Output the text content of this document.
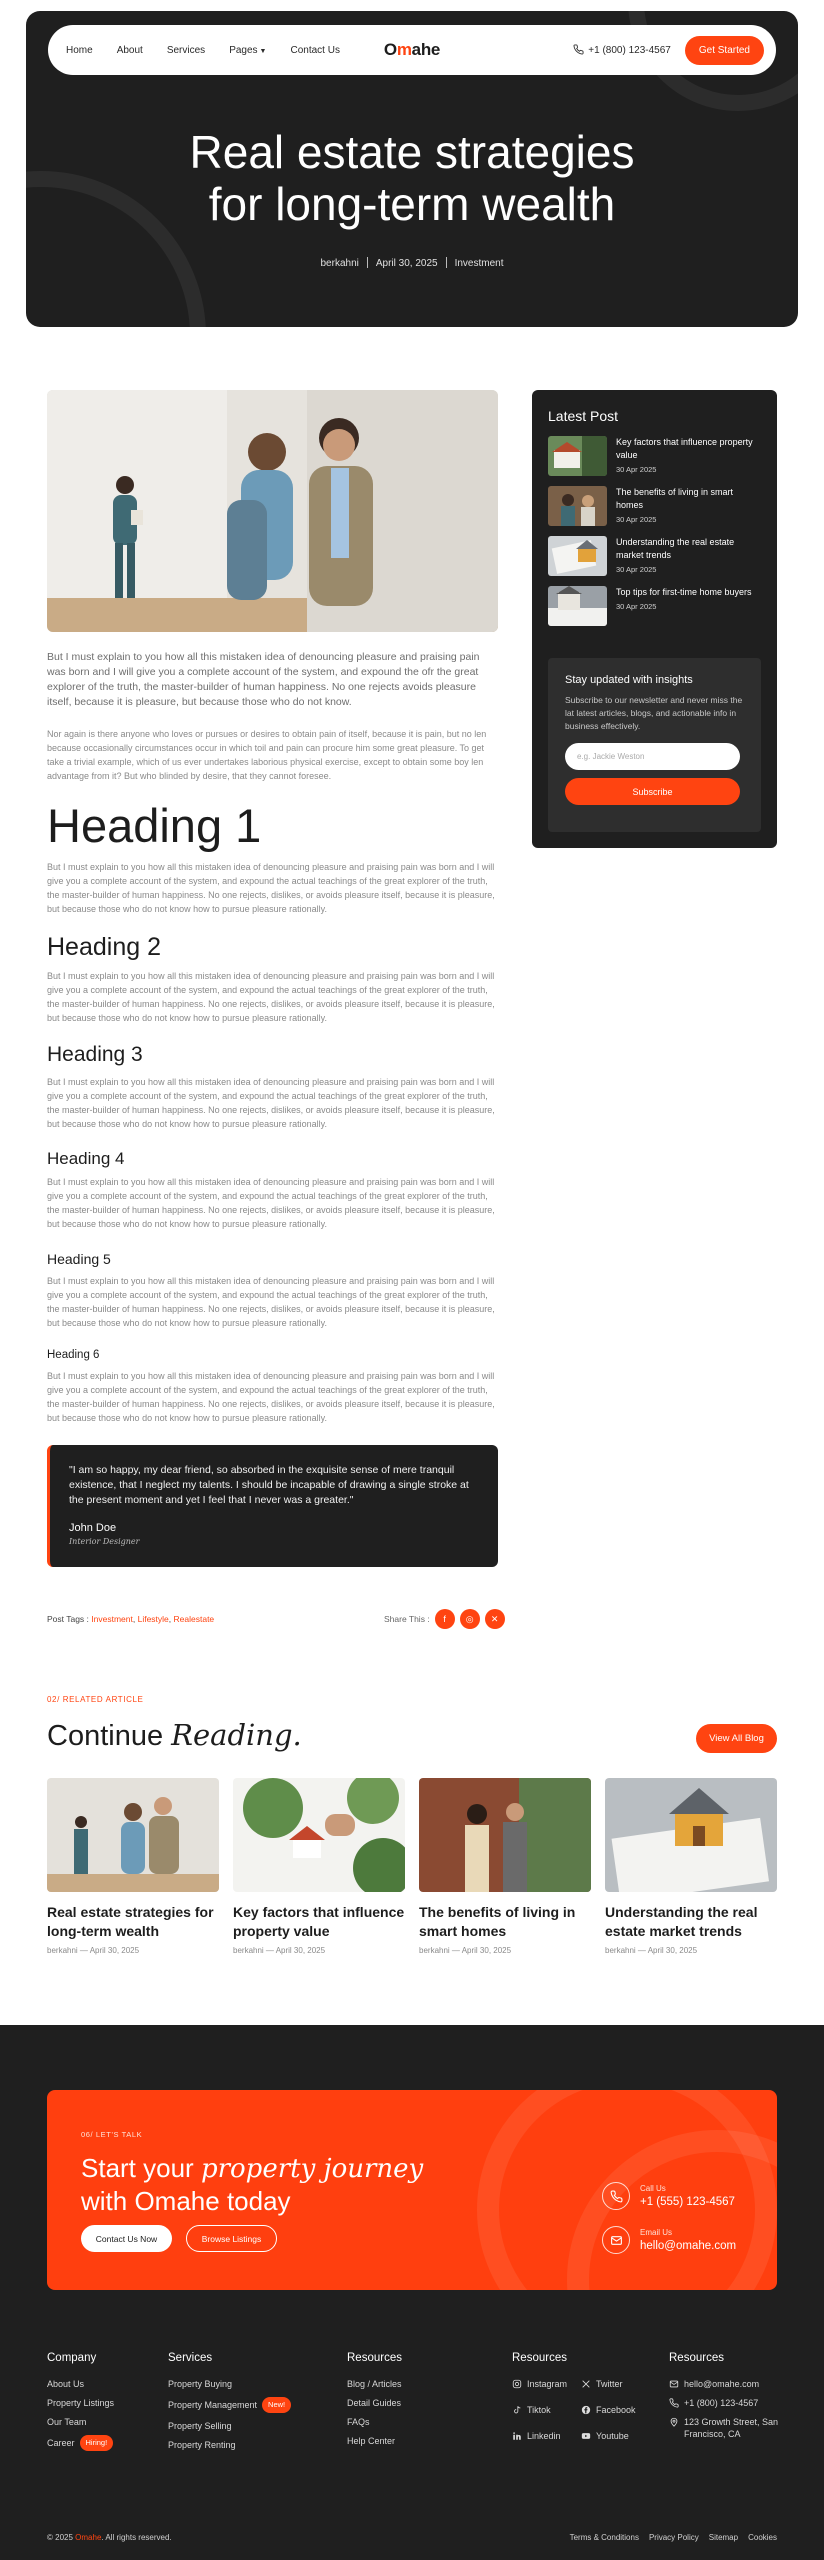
Home About Services Pages ▼ Contact Us	Omahe	+1 (800) 123-4567	Get Started
Real estate strategies
for long-term wealth
berkahni April 30, 2025 Investment

But I must explain to you how all this mistaken idea of denouncing pleasure and praising pain was born and I will give you a complete account of the system, and expound the ofr the great explorer of the truth, the master-builder of human happiness. No one rejects avoids pleasure itself, because it is pleasure, but because those who do not know.

Nor again is there anyone who loves or pursues or desires to obtain pain of itself, because it is pain, but no len because occasionally circumstances occur in which toil and pain can procure him some great pleasure. To get take a trivial example, which of us ever undertakes laborious physical exercise, except to obtain some boy len advantage from it? But who blinded by desire, that they cannot foresee.

Heading 1

But I must explain to you how all this mistaken idea of denouncing pleasure and praising pain was born and I will give you a complete account of the system, and expound the actual teachings of the great explorer of the truth, the master-builder of human happiness. No one rejects, dislikes, or avoids pleasure itself, because it is pleasure, but because those who do not know how to pursue pleasure rationally.

Heading 2

But I must explain to you how all this mistaken idea of denouncing pleasure and praising pain was born and I will give you a complete account of the system, and expound the actual teachings of the great explorer of the truth, the master-builder of human happiness. No one rejects, dislikes, or avoids pleasure itself, because it is pleasure, but because those who do not know how to pursue pleasure rationally.

Heading 3

But I must explain to you how all this mistaken idea of denouncing pleasure and praising pain was born and I will give you a complete account of the system, and expound the actual teachings of the great explorer of the truth, the master-builder of human happiness. No one rejects, dislikes, or avoids pleasure itself, because it is pleasure, but because those who do not know how to pursue pleasure rationally.

Heading 4

But I must explain to you how all this mistaken idea of denouncing pleasure and praising pain was born and I will give you a complete account of the system, and expound the actual teachings of the great explorer of the truth, the master-builder of human happiness. No one rejects, dislikes, or avoids pleasure itself, because it is pleasure, but because those who do not know how to pursue pleasure rationally.

Heading 5

But I must explain to you how all this mistaken idea of denouncing pleasure and praising pain was born and I will give you a complete account of the system, and expound the actual teachings of the great explorer of the truth, the master-builder of human happiness. No one rejects, dislikes, or avoids pleasure itself, because it is pleasure, but because those who do not know how to pursue pleasure rationally.

Heading 6

But I must explain to you how all this mistaken idea of denouncing pleasure and praising pain was born and I will give you a complete account of the system, and expound the actual teachings of the great explorer of the truth, the master-builder of human happiness. No one rejects, dislikes, or avoids pleasure itself, because it is pleasure, but because those who do not know how to pursue pleasure rationally.

"I am so happy, my dear friend, so absorbed in the exquisite sense of mere tranquil existence, that I neglect my talents. I should be incapable of drawing a single stroke at the present moment and yet I feel that I never was a greater."

John Doe
Interior Designer
Post Tags : Investment, Lifestyle, Realestate	Share This :	f	◎	✕
Latest Post
Key factors that influence property value
30 Apr 2025
The benefits of living in smart homes
30 Apr 2025
Understanding the real estate market trends
30 Apr 2025
Top tips for first-time home buyers
30 Apr 2025
Stay updated with insights
Subscribe to our newsletter and never miss the lat latest articles, blogs, and actionable info in business effectively.
e.g. Jackie Weston
Subscribe
02/ RELATED ARTICLE
Continue Reading.	View All Blog
Real estate strategies for long-term wealth
berkahni — April 30, 2025
Key factors that influence property value
berkahni — April 30, 2025
The benefits of living in smart homes
berkahni — April 30, 2025
Understanding the real estate market trends
berkahni — April 30, 2025
06/ LET'S TALK
Start your property journey
with Omahe today
Contact Us Now	Browse Listings
Call Us
+1 (555) 123-4567
Email Us
hello@omahe.com
Company
About Us
Property Listings
Our Team
Career	Hiring!
Services
Property Buying
Property Management	New!
Property Selling
Property Renting
Resources
Blog / Articles
Detail Guides
FAQs
Help Center
Resources
Instagram	Twitter
Tiktok	Facebook
Linkedin	Youtube
Resources
hello@omahe.com
+1 (800) 123-4567
123 Growth Street, San Francisco, CA
© 2025 Omahe. All rights reserved.	Terms & Conditions Privacy Policy Sitemap Cookies
